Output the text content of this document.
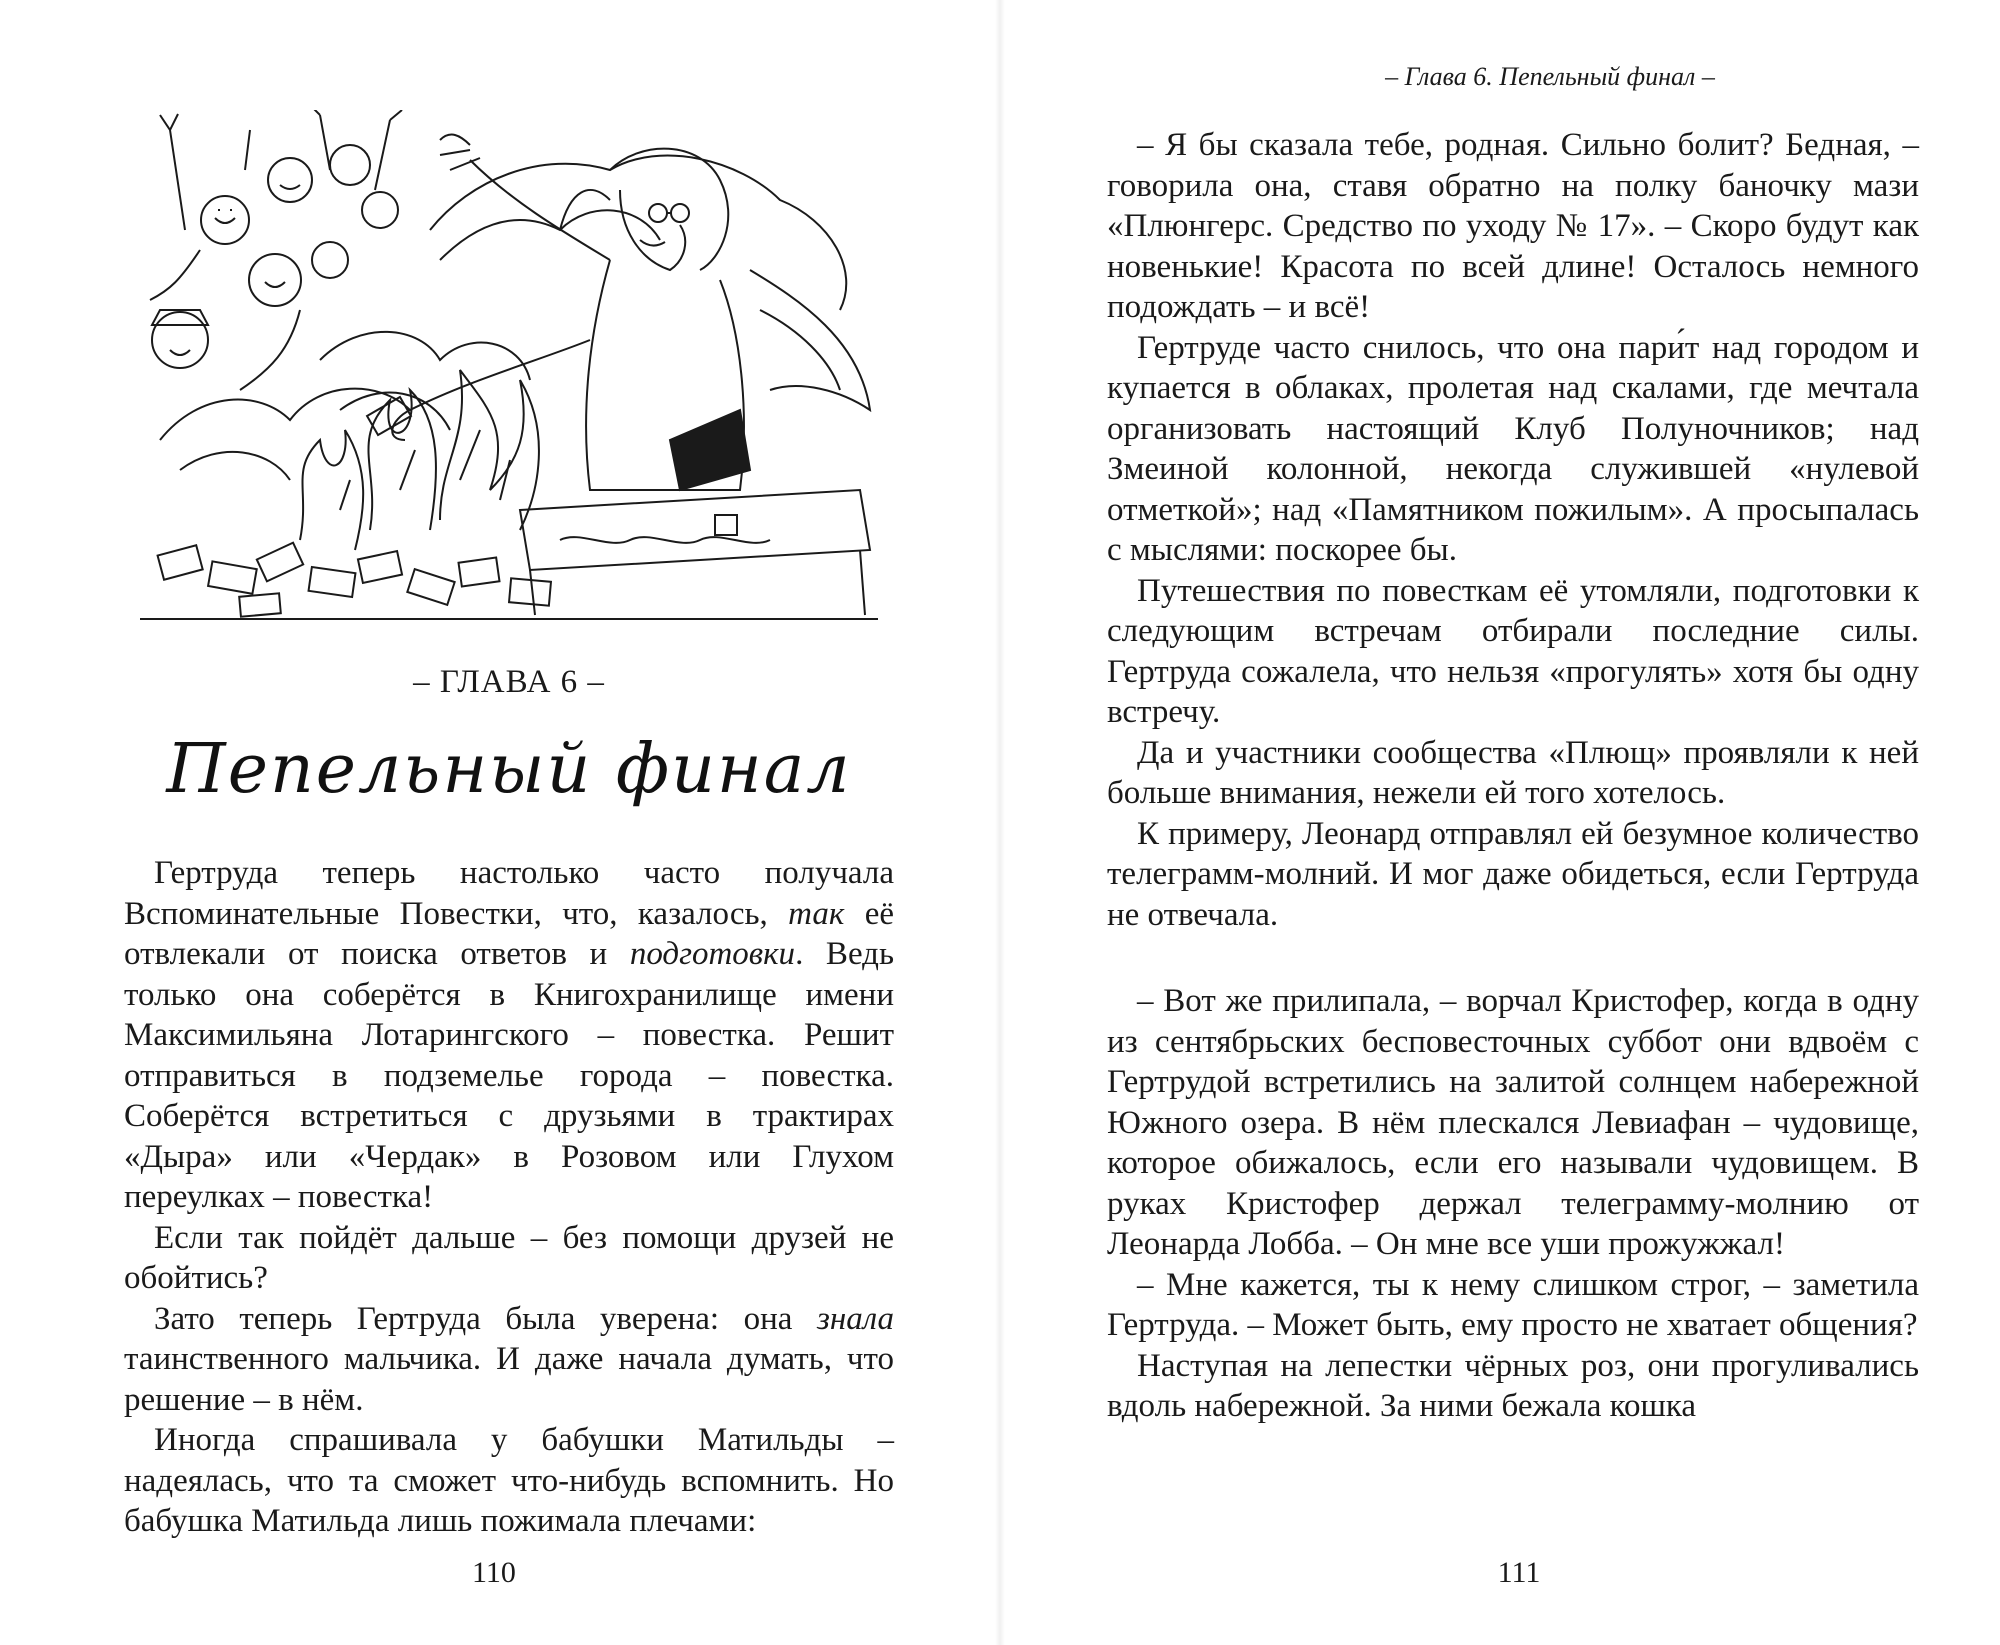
– ГЛАВА 6 –
Пепельный финал

Гертруда теперь настолько часто получала Вспоминательные Повестки, что, казалось, так её отвлекали от поиска ответов и подготовки. Ведь только она соберётся в Книгохранилище имени Максимильяна Лотарингского – повестка. Решит отправиться в подземелье города – повестка. Соберётся встретиться с друзьями в трактирах «Дыра» или «Чердак» в Розовом или Глухом переулках – повестка!

Если так пойдёт дальше – без помощи друзей не обойтись?

Зато теперь Гертруда была уверена: она знала таинственного мальчика. И даже начала думать, что решение – в нём.

Иногда спрашивала у бабушки Матильды – надеялась, что та сможет что-нибудь вспомнить. Но бабушка Матильда лишь пожимала плечами:

110
– Глава 6. Пепельный финал –

– Я бы сказала тебе, родная. Сильно болит? Бедная, – говорила она, ставя обратно на полку баночку мази «Плюнгерс. Средство по уходу № 17». – Скоро будут как новенькие! Красота по всей длине! Осталось немного подождать – и всё!

Гертруде часто снилось, что она пари́т над городом и купается в облаках, пролетая над скалами, где мечтала организовать настоящий Клуб Полуночников; над Змеиной колонной, некогда служившей «нулевой отметкой»; над «Памятником пожилым». А просыпалась с мыслями: поскорее бы.

Путешествия по повесткам её утомляли, подготовки к следующим встречам отбирали последние силы. Гертруда сожалела, что нельзя «прогулять» хотя бы одну встречу.

Да и участники сообщества «Плющ» проявляли к ней больше внимания, нежели ей того хотелось.

К примеру, Леонард отправлял ей безумное количество телеграмм-молний. И мог даже обидеться, если Гертруда не отвечала.

– Вот же прилипала, – ворчал Кристофер, когда в одну из сентябрьских бесповесточных суббот они вдвоём с Гертрудой встретились на залитой солнцем набережной Южного озера. В нём плескался Левиафан – чудовище, которое обижалось, если его называли чудовищем. В руках Кристофер держал телеграмму-молнию от Леонарда Лобба. – Он мне все уши прожужжал!

– Мне кажется, ты к нему слишком строг, – заметила Гертруда. – Может быть, ему просто не хватает общения?

Наступая на лепестки чёрных роз, они прогуливались вдоль набережной. За ними бежала кошка

111
